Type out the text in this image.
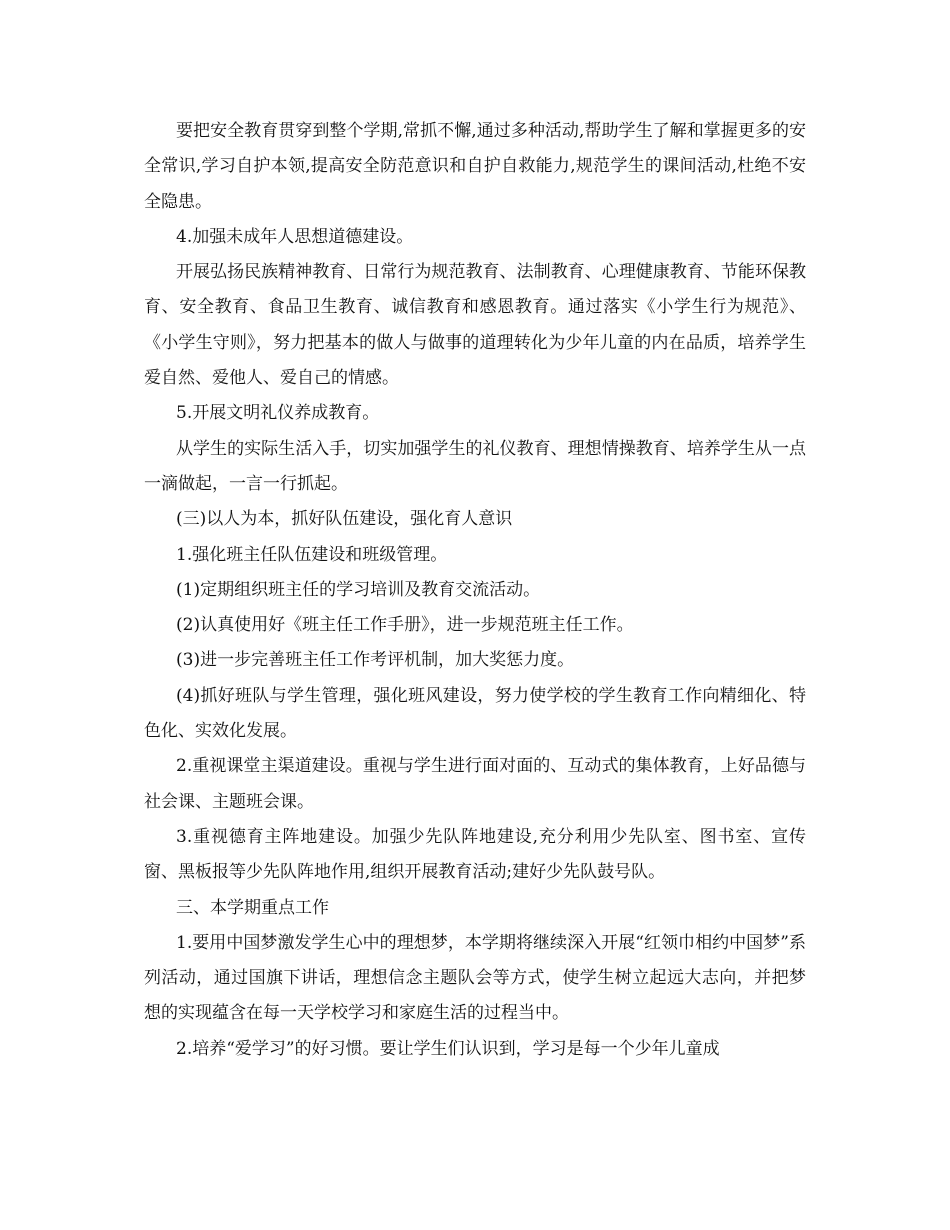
要把安全教育贯穿到整个学期,常抓不懈,通过多种活动,帮助学生了解和掌握更多的安全常识,学习自护本领,提高安全防范意识和自护自救能力,规范学生的课间活动,杜绝不安全隐患。

4.加强未成年人思想道德建设。

开展弘扬民族精神教育、日常行为规范教育、法制教育、心理健康教育、节能环保教育、安全教育、食品卫生教育、诚信教育和感恩教育。通过落实《小学生行为规范》、《小学生守则》，努力把基本的做人与做事的道理转化为少年儿童的内在品质，培养学生爱自然、爱他人、爱自己的情感。

5.开展文明礼仪养成教育。

从学生的实际生活入手，切实加强学生的礼仪教育、理想情操教育、培养学生从一点一滴做起，一言一行抓起。

(三)以人为本，抓好队伍建设，强化育人意识

1.强化班主任队伍建设和班级管理。

(1)定期组织班主任的学习培训及教育交流活动。

(2)认真使用好《班主任工作手册》，进一步规范班主任工作。

(3)进一步完善班主任工作考评机制，加大奖惩力度。

(4)抓好班队与学生管理，强化班风建设，努力使学校的学生教育工作向精细化、特色化、实效化发展。

2.重视课堂主渠道建设。重视与学生进行面对面的、互动式的集体教育，上好品德与社会课、主题班会课。

3.重视德育主阵地建设。加强少先队阵地建设,充分利用少先队室、图书室、宣传窗、黑板报等少先队阵地作用,组织开展教育活动;建好少先队鼓号队。

三、本学期重点工作

1.要用中国梦激发学生心中的理想梦，本学期将继续深入开展“红领巾相约中国梦”系列活动，通过国旗下讲话，理想信念主题队会等方式，使学生树立起远大志向，并把梦想的实现蕴含在每一天学校学习和家庭生活的过程当中。

2.培养“爱学习”的好习惯。要让学生们认识到，学习是每一个少年儿童成
